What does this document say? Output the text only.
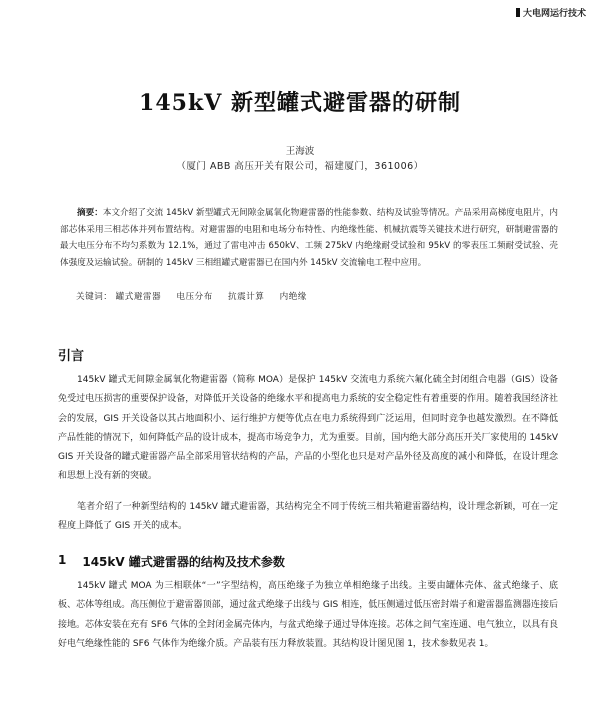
大电网运行技术
145kV 新型罐式避雷器的研制
王海波
（厦门 ABB 高压开关有限公司，福建厦门，361006）
摘要：本文介绍了交流 145kV 新型罐式无间隙金属氧化物避雷器的性能参数、结构及试验等情况。产品采用高梯度电阻片，内部芯体采用三相芯体并列布置结构。对避雷器的电阻和电场分布特性、内绝缘性能、机械抗震等关键技术进行研究，研制避雷器的最大电压分布不均匀系数为 12.1%，通过了雷电冲击 650kV、工频 275kV 内绝缘耐受试验和 95kV 的零表压工频耐受试验、壳体强度及运输试验。研制的 145kV 三相组罐式避雷器已在国内外 145kV 交流输电工程中应用。
关键词： 罐式避雷器 电压分布 抗震计算 内绝缘
引言
145kV 罐式无间隙金属氧化物避雷器（简称 MOA）是保护 145kV 交流电力系统六氟化硫全封闭组合电器（GIS）设备免受过电压损害的重要保护设备，对降低开关设备的绝缘水平和提高电力系统的安全稳定性有着重要的作用。随着我国经济社会的发展，GIS 开关设备以其占地面积小、运行维护方便等优点在电力系统得到广泛运用，但同时竞争也越发激烈。在不降低产品性能的情况下，如何降低产品的设计成本，提高市场竞争力，尤为重要。目前，国内绝大部分高压开关厂家使用的 145kV GIS 开关设备的罐式避雷器产品全部采用管状结构的产品，产品的小型化也只是对产品外径及高度的减小和降低，在设计理念和思想上没有新的突破。
笔者介绍了一种新型结构的 145kV 罐式避雷器，其结构完全不同于传统三相共箱避雷器结构，设计理念新颖，可在一定程度上降低了 GIS 开关的成本。
1 145kV 罐式避雷器的结构及技术参数
145kV 罐式 MOA 为三相联体“一”字型结构，高压绝缘子为独立单相绝缘子出线。主要由罐体壳体、盆式绝缘子、底板、芯体等组成。高压侧位于避雷器顶部，通过盆式绝缘子出线与 GIS 相连，低压侧通过低压密封端子和避雷器监测器连接后接地。芯体安装在充有 SF6 气体的全封闭金属壳体内，与盆式绝缘子通过导体连接。芯体之间气室连通、电气独立，以具有良好电气绝缘性能的 SF6 气体作为绝缘介质。产品装有压力释放装置。其结构设计图见图 1，技术参数见表 1。
